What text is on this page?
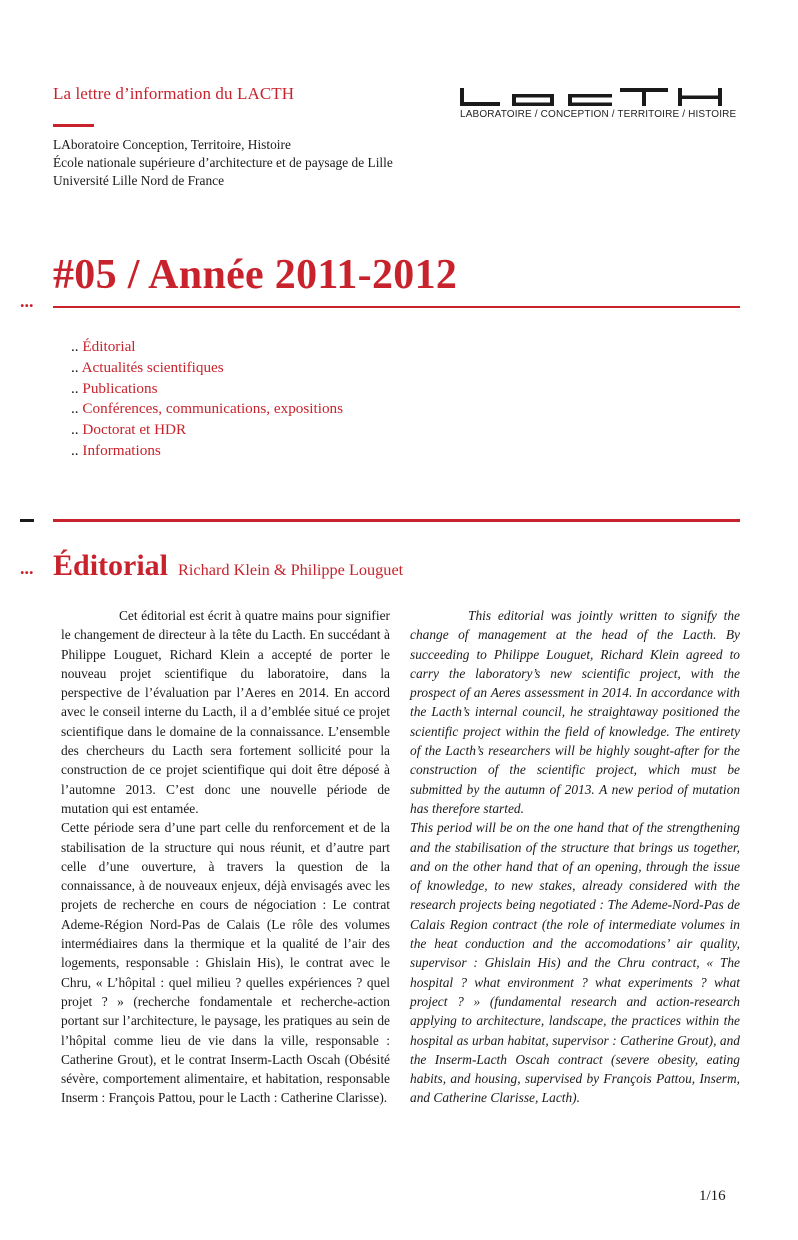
La lettre d’information du LACTH
LAboratoire Conception, Territoire, Histoire
École nationale supérieure d’architecture et de paysage de Lille
Université Lille Nord de France
LABORATOIRE / CONCEPTION / TERRITOIRE / HISTOIRE
#05 / Année 2011-2012
...
.. Éditorial
.. Actualités scientifiques
.. Publications
.. Conférences, communications, expositions
.. Doctorat et HDR
.. Informations
... Éditorial Richard Klein & Philippe Louguet

Cet éditorial est écrit à quatre mains pour signifier le changement de directeur à la tête du Lacth. En succédant à Philippe Louguet, Richard Klein a accepté de porter le nouveau projet scientifique du laboratoire, dans la perspective de l’évaluation par l’Aeres en 2014. En accord avec le conseil interne du Lacth, il a d’emblée situé ce projet scientifique dans le domaine de la connaissance. L’ensemble des chercheurs du Lacth sera fortement sollicité pour la construction de ce projet scientifique qui doit être déposé à l’automne 2013. C’est donc une nouvelle période de mutation qui est entamée.

Cette période sera d’une part celle du renforcement et de la stabilisation de la structure qui nous réunit, et d’autre part celle d’une ouverture, à travers la question de la connaissance, à de nouveaux enjeux, déjà envisagés avec les projets de recherche en cours de négociation : Le contrat Ademe-Région Nord-Pas de Calais (Le rôle des volumes intermédiaires dans la thermique et la qualité de l’air des logements, responsable : Ghislain His), le contrat avec le Chru, « L’hôpital : quel milieu ? quelles expériences ? quel projet ? » (recherche fondamentale et recherche-action portant sur l’architecture, le paysage, les pratiques au sein de l’hôpital comme lieu de vie dans la ville, responsable : Catherine Grout), et le contrat Inserm-Lacth Oscah (Obésité sévère, comportement alimentaire, et habitation, responsable Inserm : François Pattou, pour le Lacth : Catherine Clarisse).

This editorial was jointly written to signify the change of management at the head of the Lacth. By succeeding to Philippe Louguet, Richard Klein agreed to carry the laboratory’s new scientific project, with the prospect of an Aeres assessment in 2014. In accordance with the Lacth’s internal council, he straightaway positioned the scientific project within the field of knowledge. The entirety of the Lacth’s researchers will be highly sought-after for the construction of the scientific project, which must be submitted by the autumn of 2013. A new period of mutation has therefore started.

This period will be on the one hand that of the strengthening and the stabilisation of the structure that brings us together, and on the other hand that of an opening, through the issue of knowledge, to new stakes, already considered with the research projects being negotiated : The Ademe-Nord-Pas de Calais Region contract (the role of intermediate volumes in the heat conduction and the accomodations’ air quality, supervisor : Ghislain His) and the Chru contract, « The hospital ? what environment ? what experiments ? what project ? » (fundamental research and action-research applying to architecture, landscape, the practices within the hospital as urban habitat, supervisor : Catherine Grout), and the Inserm-Lacth Oscah contract (severe obesity, eating habits, and housing, supervised by François Pattou, Inserm, and Catherine Clarisse, Lacth).

1/16
